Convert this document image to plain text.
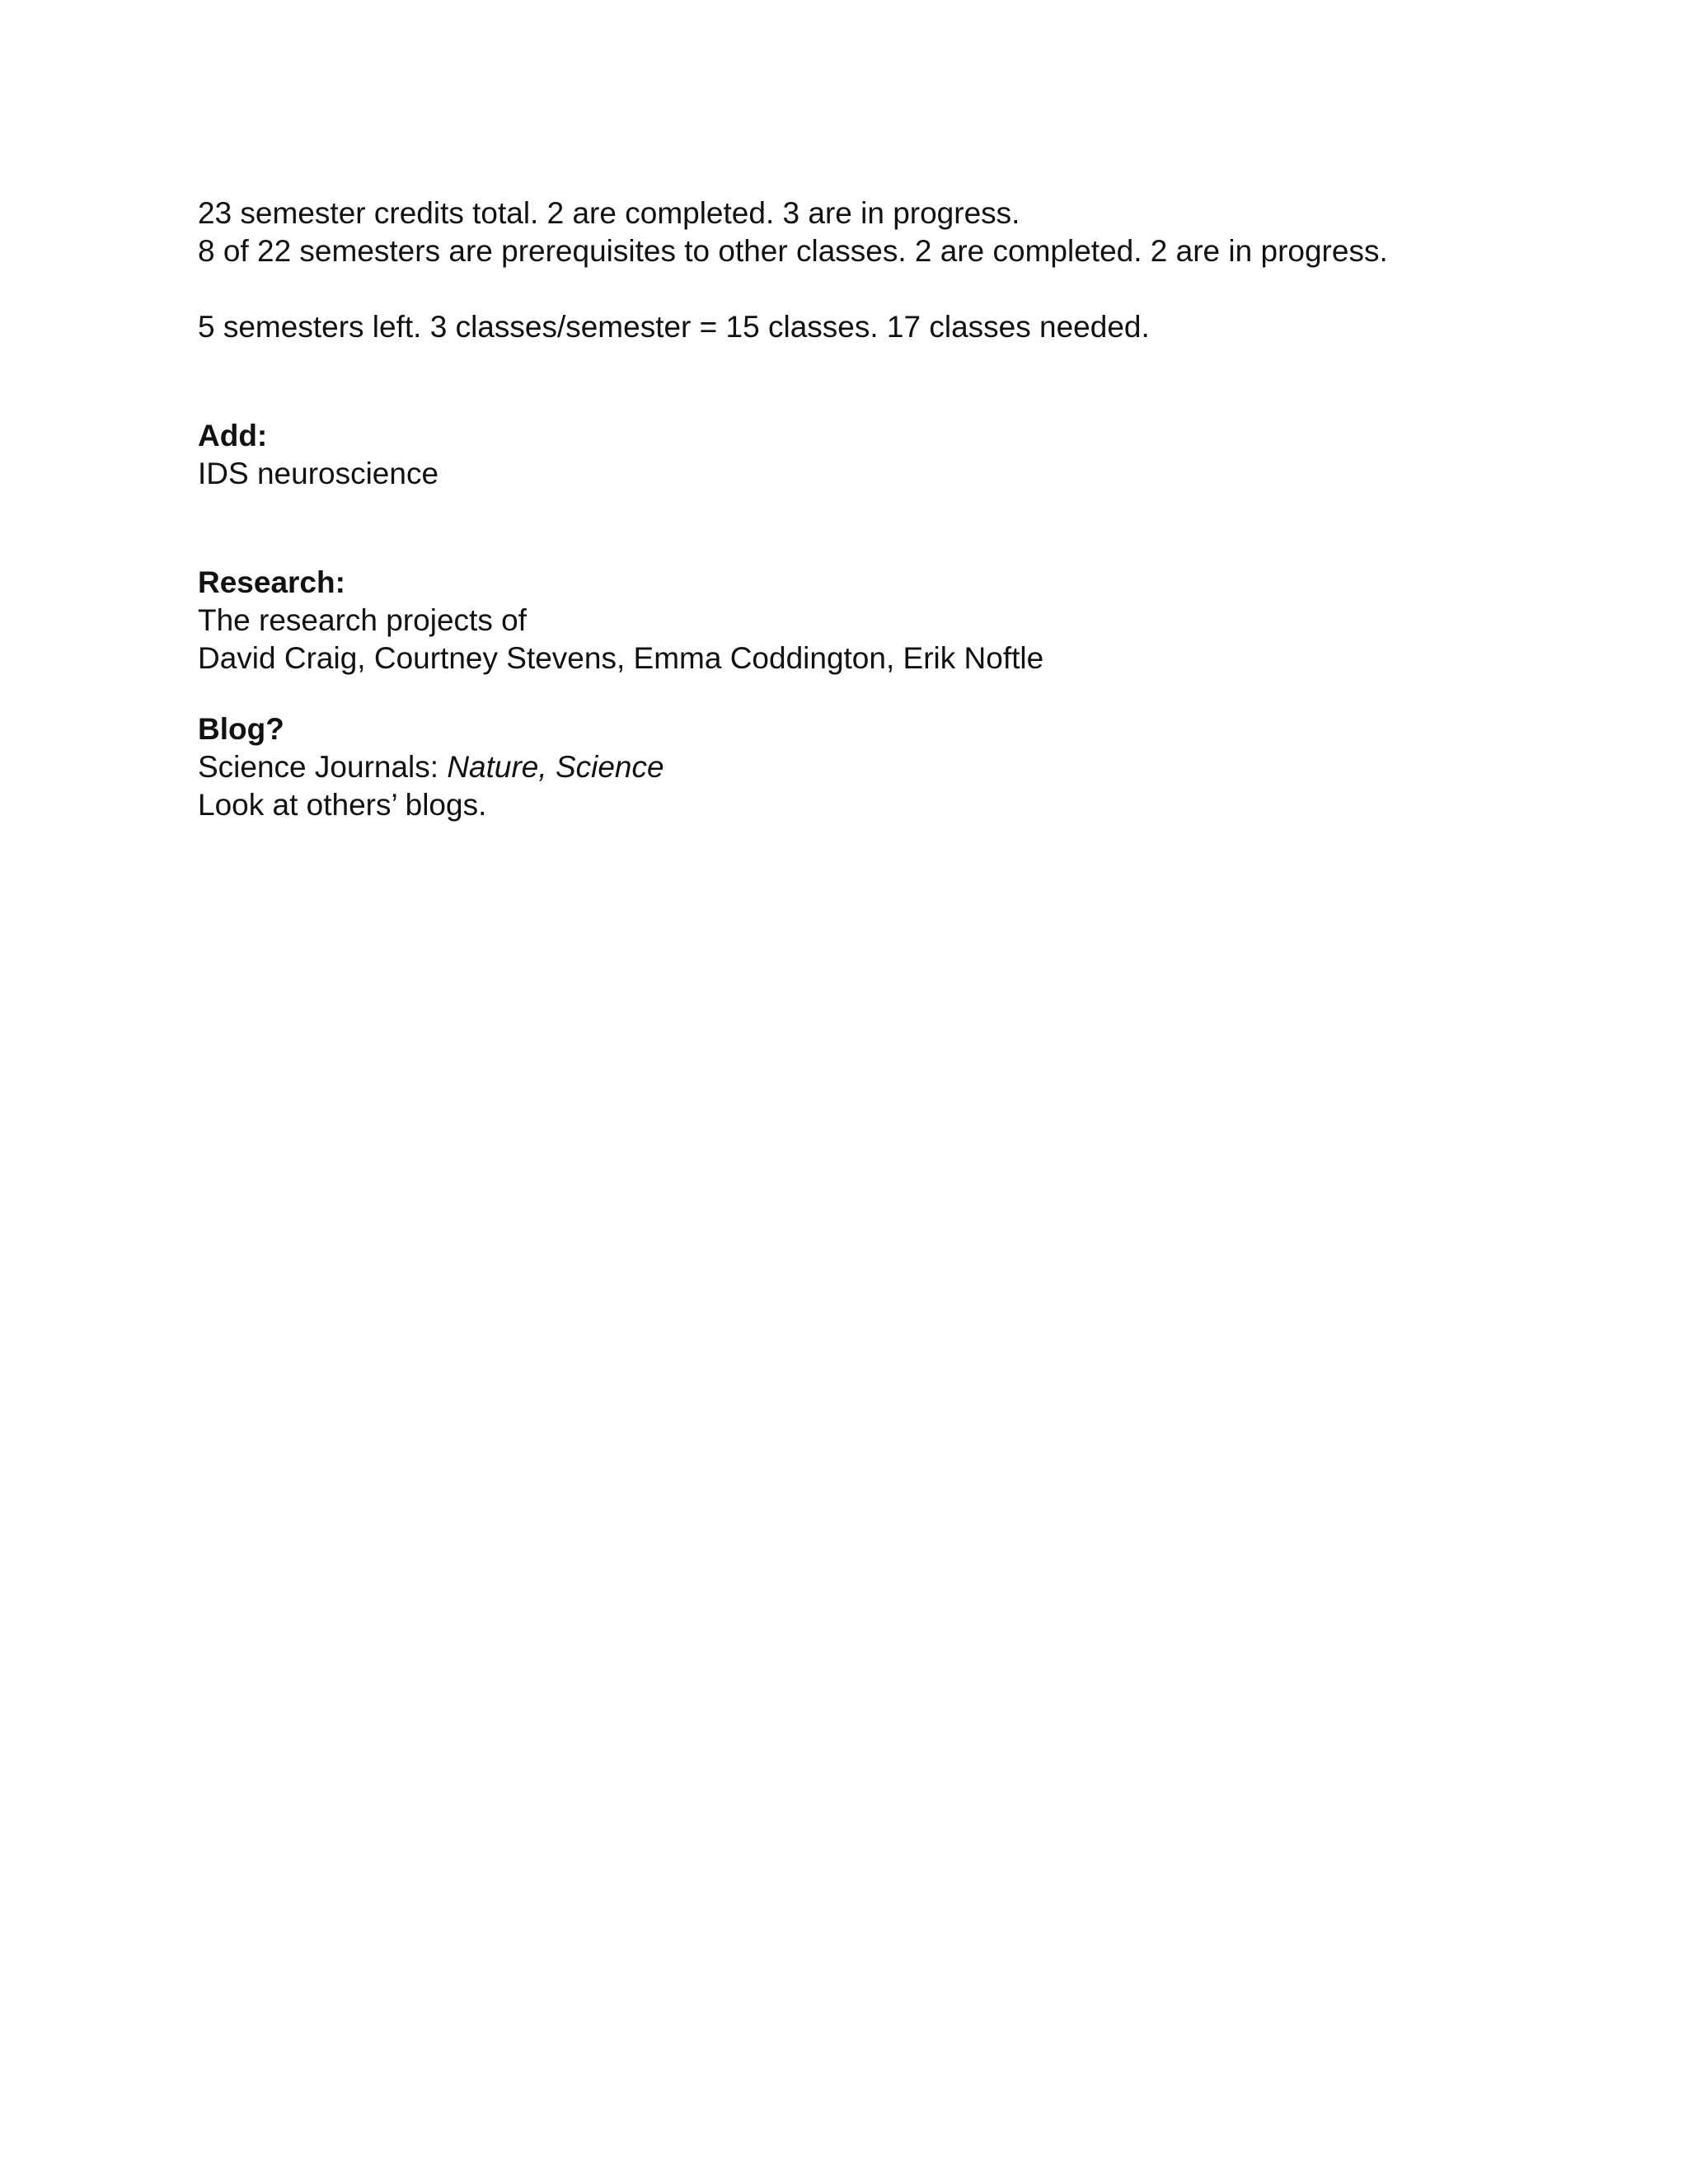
23 semester credits total. 2 are completed. 3 are in progress.
8 of 22 semesters are prerequisites to other classes. 2 are completed. 2 are in progress.
5 semesters left. 3 classes/semester = 15 classes. 17 classes needed.
Add:
IDS neuroscience
Research:
The research projects of
David Craig, Courtney Stevens, Emma Coddington, Erik Noftle
Blog?
Science Journals: Nature, Science
Look at others’ blogs.
